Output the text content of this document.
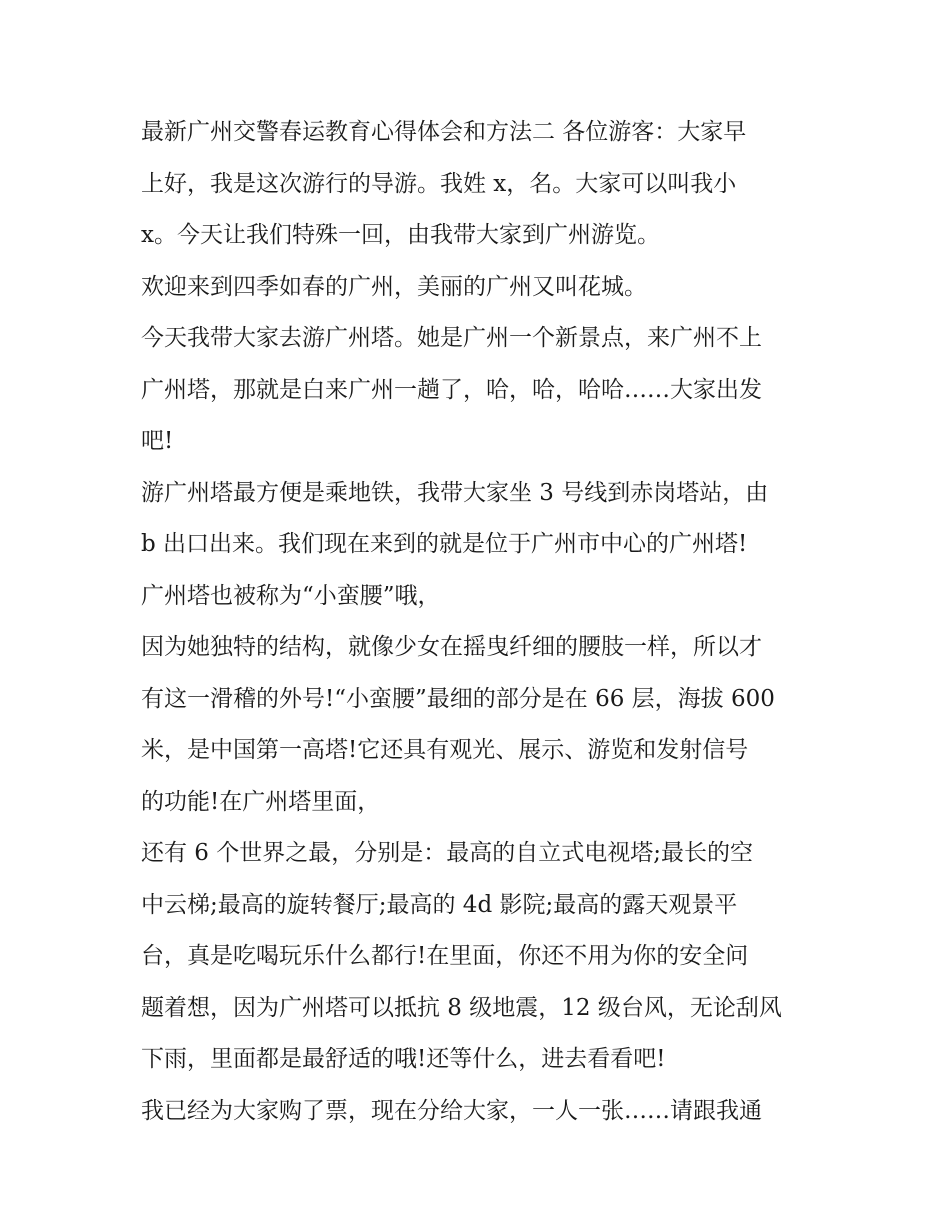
最新广州交警春运教育心得体会和方法二 各位游客：大家早
上好，我是这次游行的导游。我姓 x，名。大家可以叫我小
x。今天让我们特殊一回，由我带大家到广州游览。
欢迎来到四季如春的广州，美丽的广州又叫花城。
今天我带大家去游广州塔。她是广州一个新景点，来广州不上
广州塔，那就是白来广州一趟了，哈，哈，哈哈……大家出发
吧!
游广州塔最方便是乘地铁，我带大家坐 3 号线到赤岗塔站，由
b 出口出来。我们现在来到的就是位于广州市中心的广州塔!
广州塔也被称为“小蛮腰”哦，
因为她独特的结构，就像少女在摇曳纤细的腰肢一样，所以才
有这一滑稽的外号!“小蛮腰”最细的部分是在 66 层，海拔 600
米，是中国第一高塔!它还具有观光、展示、游览和发射信号
的功能!在广州塔里面，
还有 6 个世界之最，分别是：最高的自立式电视塔;最长的空
中云梯;最高的旋转餐厅;最高的 4d 影院;最高的露天观景平
台，真是吃喝玩乐什么都行!在里面，你还不用为你的安全问
题着想，因为广州塔可以抵抗 8 级地震，12 级台风，无论刮风
下雨，里面都是最舒适的哦!还等什么，进去看看吧!
我已经为大家购了票，现在分给大家，一人一张……请跟我通
